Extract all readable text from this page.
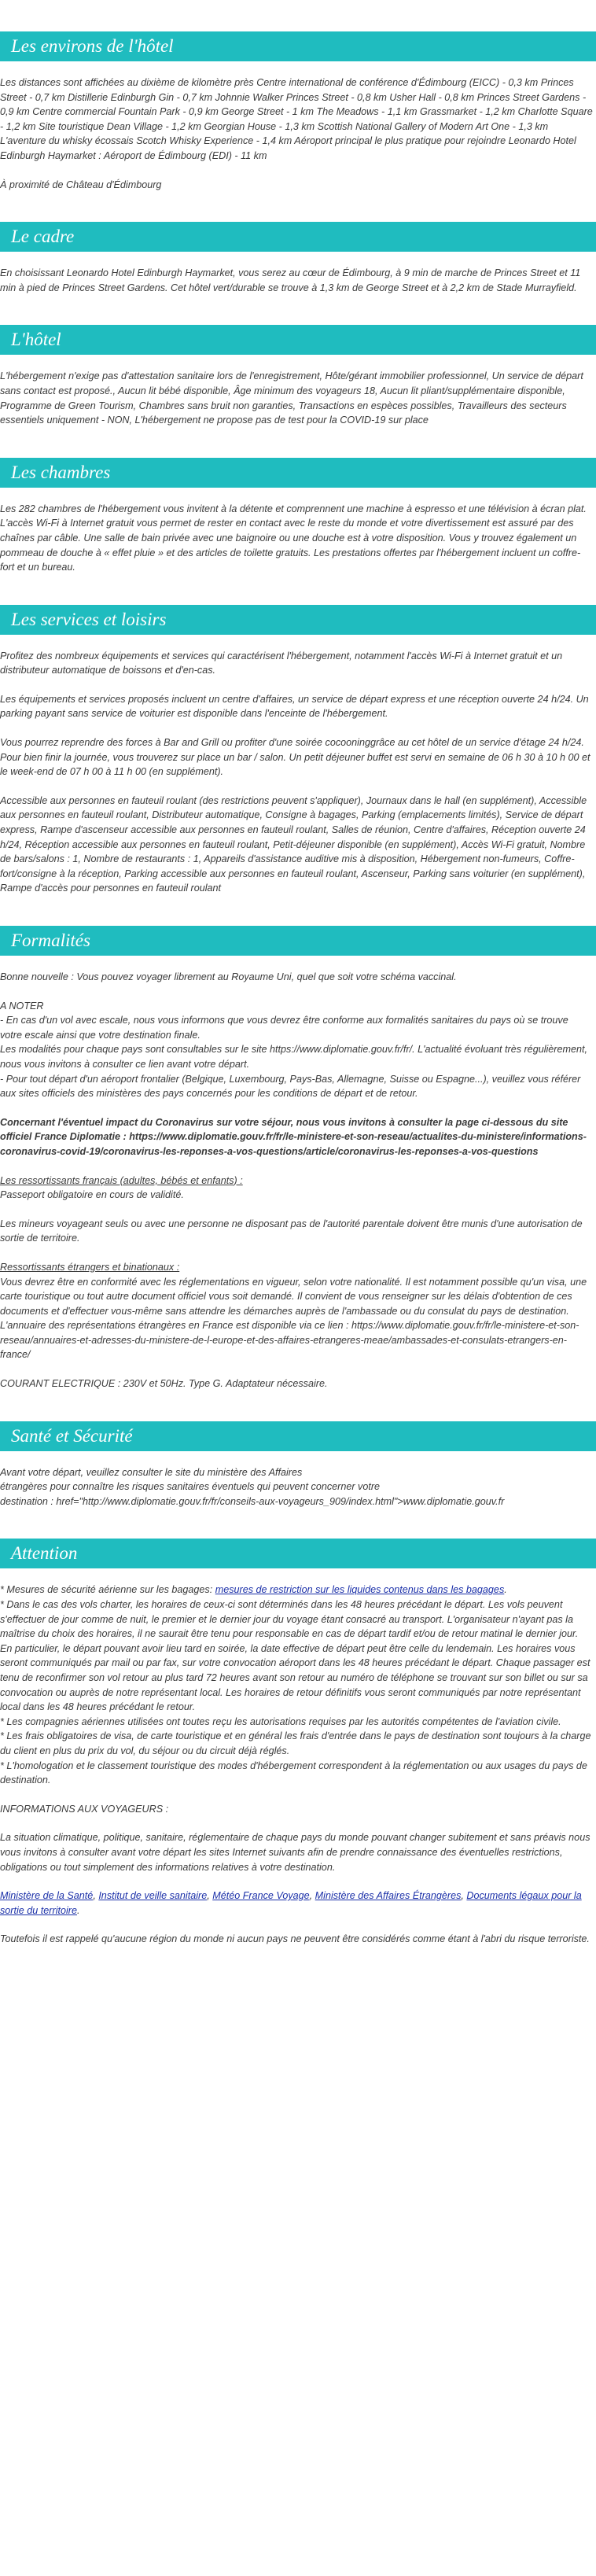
Les environs de l'hôtel

Les distances sont affichées au dixième de kilomètre près Centre international de conférence d'Édimbourg (EICC) - 0,3 km Princes Street - 0,7 km Distillerie Edinburgh Gin - 0,7 km Johnnie Walker Princes Street - 0,8 km Usher Hall - 0,8 km Princes Street Gardens - 0,9 km Centre commercial Fountain Park - 0,9 km George Street - 1 km The Meadows - 1,1 km Grassmarket - 1,2 km Charlotte Square - 1,2 km Site touristique Dean Village - 1,2 km Georgian House - 1,3 km Scottish National Gallery of Modern Art One - 1,3 km L'aventure du whisky écossais Scotch Whisky Experience - 1,4 km Aéroport principal le plus pratique pour rejoindre Leonardo Hotel Edinburgh Haymarket : Aéroport de Édimbourg (EDI) - 11 km

À proximité de Château d'Édimbourg

Le cadre

En choisissant Leonardo Hotel Edinburgh Haymarket, vous serez au cœur de Édimbourg, à 9 min de marche de Princes Street et 11 min à pied de Princes Street Gardens. Cet hôtel vert/durable se trouve à 1,3 km de George Street et à 2,2 km de Stade Murrayfield.

L'hôtel

L'hébergement n'exige pas d'attestation sanitaire lors de l'enregistrement, Hôte/gérant immobilier professionnel, Un service de départ sans contact est proposé., Aucun lit bébé disponible, Âge minimum des voyageurs 18, Aucun lit pliant/supplémentaire disponible, Programme de Green Tourism, Chambres sans bruit non garanties, Transactions en espèces possibles, Travailleurs des secteurs essentiels uniquement - NON, L'hébergement ne propose pas de test pour la COVID-19 sur place

Les chambres

Les 282 chambres de l'hébergement vous invitent à la détente et comprennent une machine à espresso et une télévision à écran plat. L'accès Wi-Fi à Internet gratuit vous permet de rester en contact avec le reste du monde et votre divertissement est assuré par des chaînes par câble. Une salle de bain privée avec une baignoire ou une douche est à votre disposition. Vous y trouvez également un pommeau de douche à « effet pluie » et des articles de toilette gratuits. Les prestations offertes par l'hébergement incluent un coffre-fort et un bureau.

Les services et loisirs

Profitez des nombreux équipements et services qui caractérisent l'hébergement, notamment l'accès Wi-Fi à Internet gratuit et un distributeur automatique de boissons et d'en-cas.

Les équipements et services proposés incluent un centre d'affaires, un service de départ express et une réception ouverte 24 h/24. Un parking payant sans service de voiturier est disponible dans l'enceinte de l'hébergement.

Vous pourrez reprendre des forces à Bar and Grill ou profiter d'une soirée cocooninggrâce au cet hôtel de un service d'étage 24 h/24. Pour bien finir la journée, vous trouverez sur place un bar / salon. Un petit déjeuner buffet est servi en semaine de 06 h 30 à 10 h 00 et le week-end de 07 h 00 à 11 h 00 (en supplément).

Accessible aux personnes en fauteuil roulant (des restrictions peuvent s'appliquer), Journaux dans le hall (en supplément), Accessible aux personnes en fauteuil roulant, Distributeur automatique, Consigne à bagages, Parking (emplacements limités), Service de départ express, Rampe d'ascenseur accessible aux personnes en fauteuil roulant, Salles de réunion, Centre d'affaires, Réception ouverte 24 h/24, Réception accessible aux personnes en fauteuil roulant, Petit-déjeuner disponible (en supplément), Accès Wi-Fi gratuit, Nombre de bars/salons : 1, Nombre de restaurants : 1, Appareils d'assistance auditive mis à disposition, Hébergement non-fumeurs, Coffre-fort/consigne à la réception, Parking accessible aux personnes en fauteuil roulant, Ascenseur, Parking sans voiturier (en supplément), Rampe d'accès pour personnes en fauteuil roulant

Formalités

Bonne nouvelle : Vous pouvez voyager librement au Royaume Uni, quel que soit votre schéma vaccinal.

A NOTER
- En cas d'un vol avec escale, nous vous informons que vous devrez être conforme aux formalités sanitaires du pays où se trouve votre escale ainsi que votre destination finale.
Les modalités pour chaque pays sont consultables sur le site https://www.diplomatie.gouv.fr/fr/. L'actualité évoluant très régulièrement, nous vous invitons à consulter ce lien avant votre départ.
- Pour tout départ d'un aéroport frontalier (Belgique, Luxembourg, Pays-Bas, Allemagne, Suisse ou Espagne...), veuillez vous référer aux sites officiels des ministères des pays concernés pour les conditions de départ et de retour.

Concernant l'éventuel impact du Coronavirus sur votre séjour, nous vous invitons à consulter la page ci-dessous du site officiel France Diplomatie : https://www.diplomatie.gouv.fr/fr/le-ministere-et-son-reseau/actualites-du-ministere/informations-coronavirus-covid-19/coronavirus-les-reponses-a-vos-questions/article/coronavirus-les-reponses-a-vos-questions

Les ressortissants français (adultes, bébés et enfants) :
Passeport obligatoire en cours de validité.

Les mineurs voyageant seuls ou avec une personne ne disposant pas de l'autorité parentale doivent être munis d'une autorisation de sortie de territoire.

Ressortissants étrangers et binationaux :
Vous devrez être en conformité avec les réglementations en vigueur, selon votre nationalité. Il est notamment possible qu'un visa, une carte touristique ou tout autre document officiel vous soit demandé. Il convient de vous renseigner sur les délais d'obtention de ces documents et d'effectuer vous-même sans attendre les démarches auprès de l'ambassade ou du consulat du pays de destination.
L'annuaire des représentations étrangères en France est disponible via ce lien : https://www.diplomatie.gouv.fr/fr/le-ministere-et-son-reseau/annuaires-et-adresses-du-ministere-de-l-europe-et-des-affaires-etrangeres-meae/ambassades-et-consulats-etrangers-en-france/

COURANT ELECTRIQUE : 230V et 50Hz. Type G. Adaptateur nécessaire.

Santé et Sécurité

Avant votre départ, veuillez consulter le site du ministère des Affaires
étrangères pour connaître les risques sanitaires éventuels qui peuvent concerner votre
destination : href="http://www.diplomatie.gouv.fr/fr/conseils-aux-voyageurs_909/index.html">www.diplomatie.gouv.fr

Attention

* Mesures de sécurité aérienne sur les bagages: mesures de restriction sur les liquides contenus dans les bagages.
* Dans le cas des vols charter, les horaires de ceux-ci sont déterminés dans les 48 heures précédant le départ. Les vols peuvent s'effectuer de jour comme de nuit, le premier et le dernier jour du voyage étant consacré au transport. L'organisateur n'ayant pas la maîtrise du choix des horaires, il ne saurait être tenu pour responsable en cas de départ tardif et/ou de retour matinal le dernier jour. En particulier, le départ pouvant avoir lieu tard en soirée, la date effective de départ peut être celle du lendemain. Les horaires vous seront communiqués par mail ou par fax, sur votre convocation aéroport dans les 48 heures précédant le départ. Chaque passager est tenu de reconfirmer son vol retour au plus tard 72 heures avant son retour au numéro de téléphone se trouvant sur son billet ou sur sa convocation ou auprès de notre représentant local. Les horaires de retour définitifs vous seront communiqués par notre représentant local dans les 48 heures précédant le retour.
* Les compagnies aériennes utilisées ont toutes reçu les autorisations requises par les autorités compétentes de l'aviation civile.
* Les frais obligatoires de visa, de carte touristique et en général les frais d'entrée dans le pays de destination sont toujours à la charge du client en plus du prix du vol, du séjour ou du circuit déjà réglés.
* L'homologation et le classement touristique des modes d'hébergement correspondent à la réglementation ou aux usages du pays de destination.

INFORMATIONS AUX VOYAGEURS :

La situation climatique, politique, sanitaire, réglementaire de chaque pays du monde pouvant changer subitement et sans préavis nous vous invitons à consulter avant votre départ les sites Internet suivants afin de prendre connaissance des éventuelles restrictions, obligations ou tout simplement des informations relatives à votre destination.

Ministère de la Santé, Institut de veille sanitaire, Météo France Voyage, Ministère des Affaires Étrangères, Documents légaux pour la sortie du territoire.

Toutefois il est rappelé qu'aucune région du monde ni aucun pays ne peuvent être considérés comme étant à l'abri du risque terroriste.
